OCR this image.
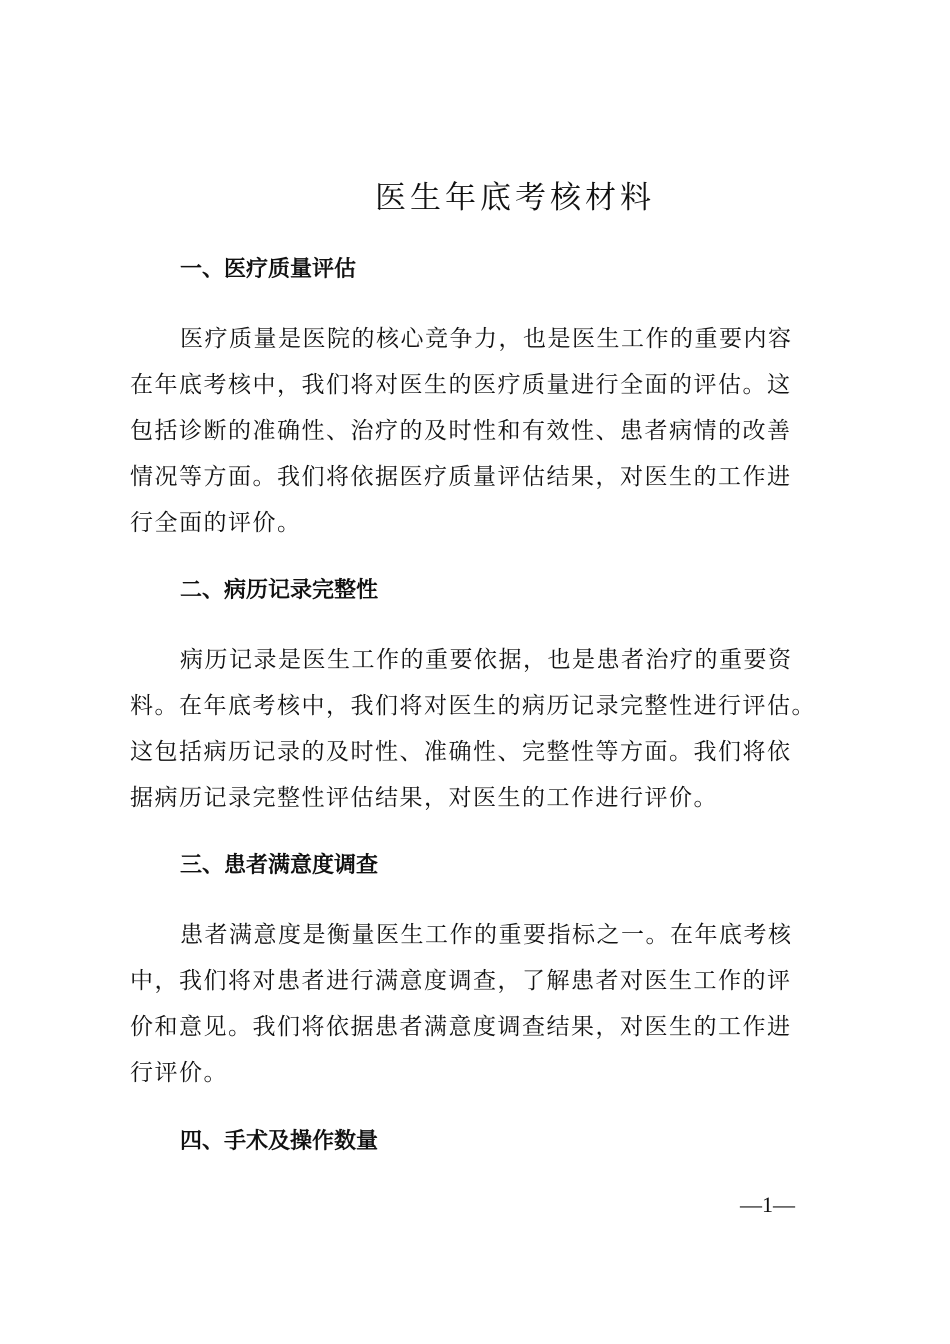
医生年底考核材料
一、医疗质量评估
医疗质量是医院的核心竞争力，也是医生工作的重要内容
在年底考核中，我们将对医生的医疗质量进行全面的评估。这
包括诊断的准确性、治疗的及时性和有效性、患者病情的改善
情况等方面。我们将依据医疗质量评估结果，对医生的工作进
行全面的评价。
二、病历记录完整性
病历记录是医生工作的重要依据，也是患者治疗的重要资
料。在年底考核中，我们将对医生的病历记录完整性进行评估。
这包括病历记录的及时性、准确性、完整性等方面。我们将依
据病历记录完整性评估结果，对医生的工作进行评价。
三、患者满意度调查
患者满意度是衡量医生工作的重要指标之一。在年底考核
中，我们将对患者进行满意度调查，了解患者对医生工作的评
价和意见。我们将依据患者满意度调查结果，对医生的工作进
行评价。
四、手术及操作数量
—1—
